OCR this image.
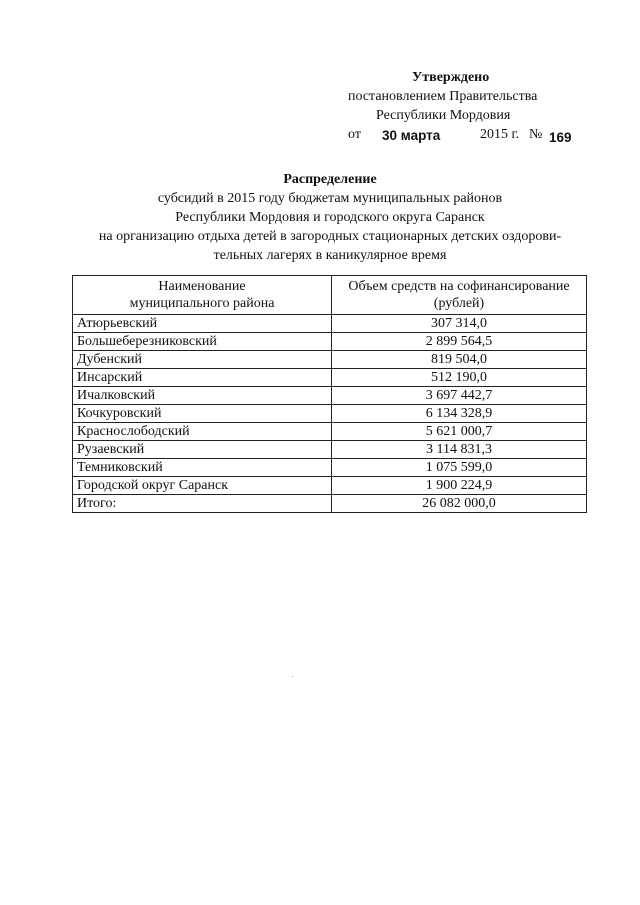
Утверждено
постановлением Правительства
Республики Мордовия
от 30 марта	2015 г. № 169
Распределение
субсидий в 2015 году бюджетам муниципальных районов
Республики Мордовия и городского округа Саранск
на организацию отдыха детей в загородных стационарных детских оздорови-
тельных лагерях в каникулярное время
Наименование
муниципального района	Объем средств на софинансирование
(рублей)

Атюрьевский	307 314,0
Большеберезниковский	2 899 564,5
Дубенский	819 504,0
Инсарский	512 190,0
Ичалковский	3 697 442,7
Кочкуровский	6 134 328,9
Краснослободский	5 621 000,7
Рузаевский	3 114 831,3
Темниковский	1 075 599,0
Городской округ Саранск	1 900 224,9
Итого:	26 082 000,0
